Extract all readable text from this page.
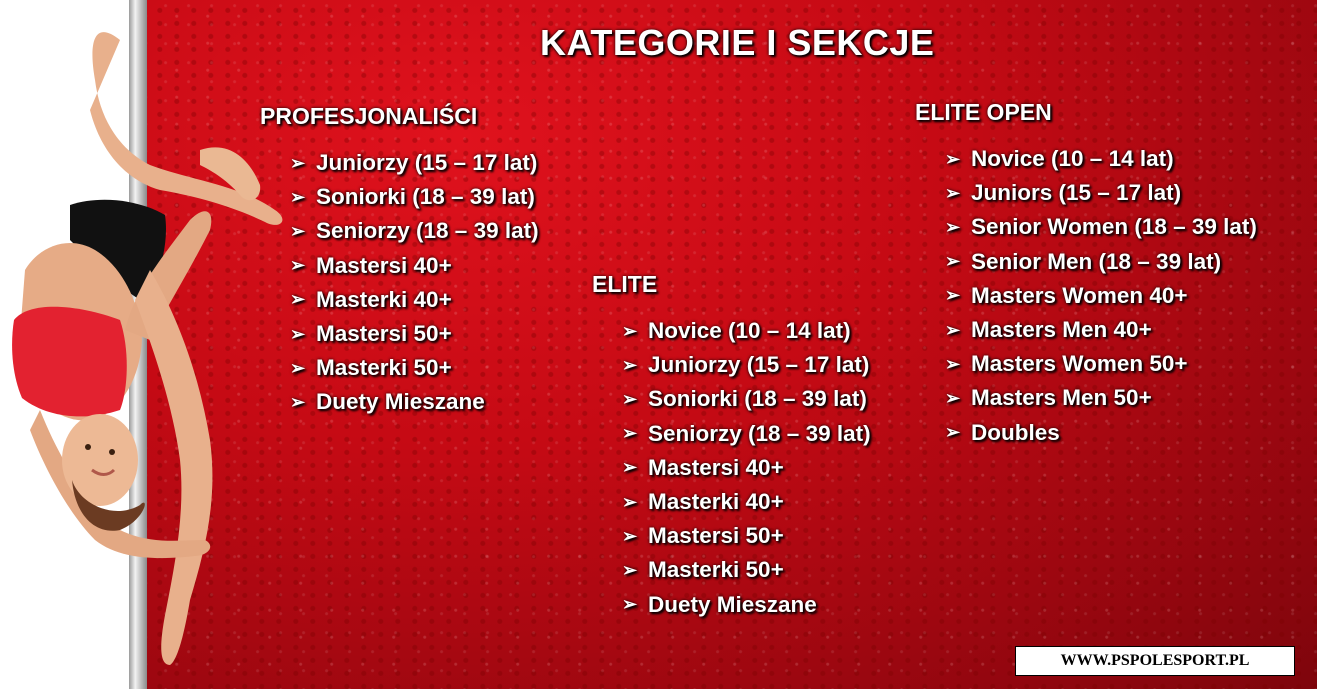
KATEGORIE I SEKCJE
PROFESJONALIŚCI
➢ Juniorzy (15 – 17 lat)
➢ Soniorki (18 – 39 lat)
➢ Seniorzy (18 – 39 lat)
➢ Mastersi 40+
➢ Masterki 40+
➢ Mastersi 50+
➢ Masterki 50+
➢ Duety Mieszane
ELITE
➢ Novice (10 – 14 lat)
➢ Juniorzy (15 – 17 lat)
➢ Soniorki (18 – 39 lat)
➢ Seniorzy (18 – 39 lat)
➢ Mastersi 40+
➢ Masterki 40+
➢ Mastersi 50+
➢ Masterki 50+
➢ Duety Mieszane
ELITE OPEN
➢ Novice (10 – 14 lat)
➢ Juniors (15 – 17 lat)
➢ Senior Women (18 – 39 lat)
➢ Senior Men (18 – 39 lat)
➢ Masters Women 40+
➢ Masters Men 40+
➢ Masters Women 50+
➢ Masters Men 50+
➢ Doubles
WWW.PSPOLESPORT.PL
